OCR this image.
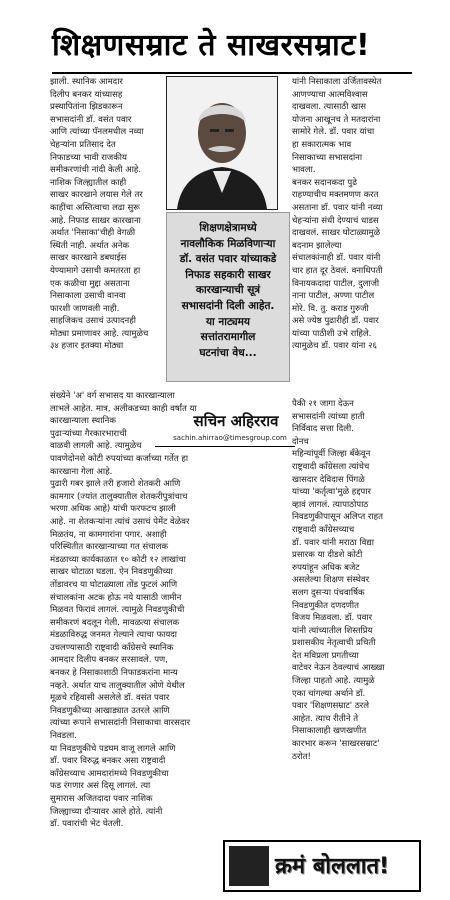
शिक्षणसम्राट ते साखरसम्राट!
झाली. स्थानिक आमदार
दिलीप बनकर यांच्यासह
प्रस्थापितांना झिडकारून
सभासदांनी डॉ. वसंत पवार
आणि त्यांच्या पॅनलमधील नव्या
चेहऱ्यांना प्रतिसाद देत
निफाडच्या भावी राजकीय
समीकरणांची नांदी केली आहे.
नाशिक जिल्ह्यातील काही
साखर कारखाने लयास गेले तर
काहींचा अस्तित्वाचा लढा सुरू
आहे. निफाड साखर कारखाना
अर्थात 'निसाका'चीही वेगळी
स्थिती नाही. अर्थात अनेक
साखर कारखाने डबघाईस
येण्यामागे उसाची कमतरता हा
एक कळीचा मुद्दा असताना
निसाकाला उसाची वानवा
फारशी जाणवली नाही.
साहजिकच उसाचं उत्पादनही
मोठ्या प्रमाणावर आहे. त्यामुळेच
३४ हजार इतक्या मोठ्या
शिक्षणक्षेत्रामध्ये
नावलौकिक मिळविणाऱ्या
डॉ. वसंत पवार यांच्याकडे
निफाड सहकारी साखर
कारखान्याची सूत्रं
सभासदांनी दिली आहेत.
या नाट्यमय
सत्तांतरामागील
घटनांचा वेध...
संख्येने 'अ' वर्ग सभासद या कारखान्याला
लाभले आहेत. मात्र, अलीकडच्या काही वर्षांत या
कारखान्याला स्थानिक
पुढाऱ्यांच्या गैरकारभाराची
वाळवी लागली आहे. त्यामुळेच
पावणेदोनशे कोटी रुपयांच्या कर्जाच्या गर्तेत हा
कारखाना गेला आहे.
पुढारी गबर झाले तरी हजारो शेतकरी आणि
कामगार (ज्यांत तालुक्यातील शेतकरीपुत्रांचाच
भरणा अधिक आहे) यांची फरफटच झाली
आहे. ना शेतकऱ्यांना त्यांचं उसाचं पेमेंट वेळेवर
मिळतंय, ना कामगारांना पगार. अशाही
परिस्थितीत कारखान्याच्या गत संचालक
मंडळाच्या कार्यकाळात १० कोटी १२ लाखांचा
साखर घोटाळा घडला. ऐन निवडणुकीच्या
तोंडावरच या घोटाळ्याला तोंड फुटलं आणि
संचालकांना अटक होऊ नये यासाठी जामीन
मिळवत फिरावं लागलं. त्यामुळे निवडणुकीची
समीकरणं बदलून गेली. मावळत्या संचालक
मंडळाविरुद्ध जनमत गेल्याने त्याचा फायदा
उचलण्यासाठी राष्ट्रवादी काँग्रेसचे स्थानिक
आमदार दिलीप बनकर सरसावले. पण,
बनकर हे निसाकाशाठी निफाडकरांना मान्य
नव्हते. अर्थात याच तालुक्यातील ओणे येथील
मूळचे रहिवासी असलेले डॉ. वसंत पवार
निवडणुकीच्या आखाड्यात उतरले आणि
त्यांच्या रूपाने सभासदांनी निसाकाचा वारसदार
निवडला.
या निवडणुकीचे पडघम वाजू लागले आणि
डॉ. पवार विरुद्ध बनकर असा राष्ट्रवादी
काँग्रेसच्याच आमदारांमध्ये निवडणुकीचा
फड रंगणार असं दिसू लागलं. त्या
सुमारास अजितदादा पवार नाशिक
जिल्ह्याच्या दौऱ्यावर आले होते. त्यांनी
डॉ. पवारांची भेट घेतली.
सचिन अहिरराव
sachin.ahirrao@timesgroup.com
यांनी निसाकाला उर्जितावस्थेत
आणण्याचा आत्मविश्वास
दाखवला. त्यासाठी खास
योजना आखूनच ते मतदारांना
सामोरे गेले. डॉ. पवार यांचा
हा सकारात्मक भाव
निसाकाच्या सभासदांना
भावला.
बनकर सदानकदा पुढे
राहण्याचीच मक्तमणण करत
असताना डॉ. पवार यांनी नव्या
चेहऱ्यांना संधी देण्याचं धाडस
दाखवलं. साखर घोटाळ्यामुळे
बदनाम झालेल्या
संचालकांनाही डॉ. पवार यांनी
चार हात दूर ठेवलं. वनाधिपती
विनायकदादा पाटील, दुलाजी
नाना पाटील, अण्णा पाटील
मोरे. वि. तु. कराड गुरुजी
असे ज्येष्ठ पुढारीही डॉ. पवार
यांच्या पाठीशी उभे राहिले.
त्यामुळेच डॉ. पवार यांना २६
पैकी २१ जागा देऊन
सभासदांनी त्यांच्या हाती
निर्विवाद सत्ता दिली.
दोनच
महिन्यांपूर्वी जिल्हा बँकेवून
राष्ट्रवादी काँग्रेसला त्यांचेच
खासदार देविदास पिंगळे
यांच्या 'कर्तृत्वा'मुळे हद्दपार
व्हावं लागलं. त्यापाठोपाठ
निवडणुकीपासून अलिप्त राहत
राष्ट्रवादी काँग्रेसच्याच
डॉ. पवार यांनी मराठा विद्या
प्रसारक या दीडशे कोटी
रुपयांहून अधिक बजेट
असलेल्या शिक्षण संस्थेवर
सलग दुसऱ्या पंचवार्षिक
निवडणुकीत दणदणीत
विजय मिळवला. डॉ. पवार
यांनी त्यांच्यातील शिस्तप्रिय
प्रशासकीय नेतृत्वाची प्रचिती
देत मविप्रला प्रगतीच्या
वाटेवर नेऊन ठेवल्याचं आख्खा
जिल्हा पाहतो आहे. त्यामुळे
एका चांगल्या अर्थाने डॉ.
पवार 'शिक्षणसम्राट' ठरले
आहेत. त्याच रीतीने ते
निसाकालाही खणखणीत
कारभार करून 'साखरसम्राट'
ठरोत!
क्रमं बोललात!
